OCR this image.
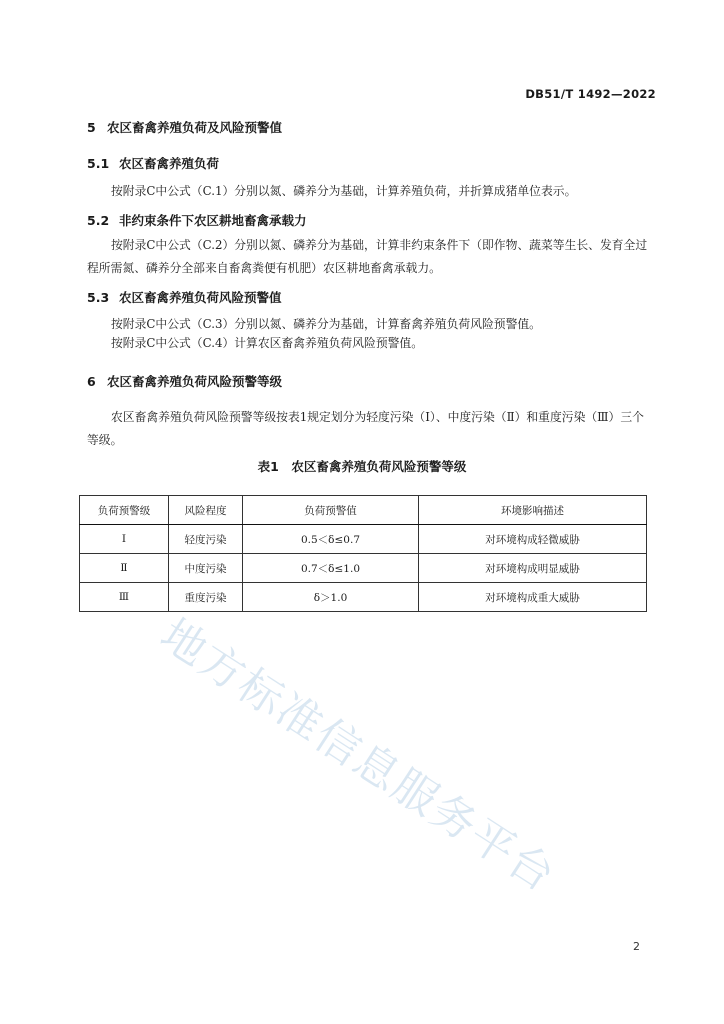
DB51/T 1492—2022
5 农区畜禽养殖负荷及风险预警值
5.1 农区畜禽养殖负荷
按附录C中公式（C.1）分别以氮、磷养分为基础，计算养殖负荷，并折算成猪单位表示。
5.2 非约束条件下农区耕地畜禽承载力
按附录C中公式（C.2）分别以氮、磷养分为基础，计算非约束条件下（即作物、蔬菜等生长、发育全过程所需氮、磷养分全部来自畜禽粪便有机肥）农区耕地畜禽承载力。
5.3 农区畜禽养殖负荷风险预警值
按附录C中公式（C.3）分别以氮、磷养分为基础，计算畜禽养殖负荷风险预警值。
按附录C中公式（C.4）计算农区畜禽养殖负荷风险预警值。
6 农区畜禽养殖负荷风险预警等级
农区畜禽养殖负荷风险预警等级按表1规定划分为轻度污染（Ⅰ）、中度污染（Ⅱ）和重度污染（Ⅲ）三个等级。
表1　农区畜禽养殖负荷风险预警等级
负荷预警级	风险程度	负荷预警值	环境影响描述
Ⅰ	轻度污染	0.5＜δ≤0.7	对环境构成轻微威胁
Ⅱ	中度污染	0.7＜δ≤1.0	对环境构成明显威胁
Ⅲ	重度污染	δ＞1.0	对环境构成重大威胁
地方标准信息服务平台
2
